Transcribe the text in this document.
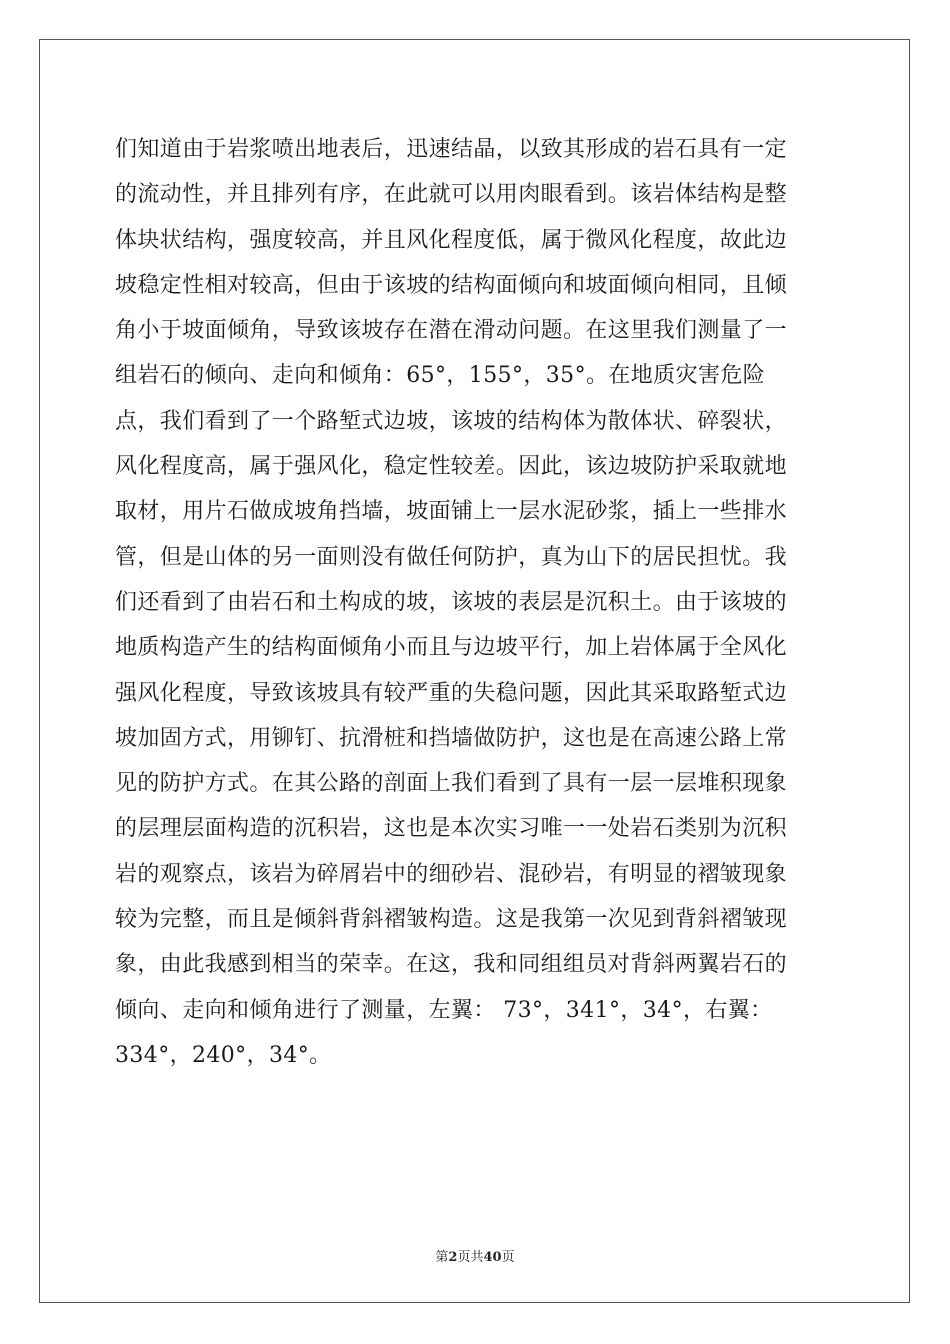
们知道由于岩浆喷出地表后，迅速结晶，以致其形成的岩石具有一定
的流动性，并且排列有序，在此就可以用肉眼看到。该岩体结构是整
体块状结构，强度较高，并且风化程度低，属于微风化程度，故此边
坡稳定性相对较高，但由于该坡的结构面倾向和坡面倾向相同，且倾
角小于坡面倾角，导致该坡存在潜在滑动问题。在这里我们测量了一
组岩石的倾向、走向和倾角：65°，155°，35°。在地质灾害危险
点，我们看到了一个路堑式边坡，该坡的结构体为散体状、碎裂状，
风化程度高，属于强风化，稳定性较差。因此，该边坡防护采取就地
取材，用片石做成坡角挡墙，坡面铺上一层水泥砂浆，插上一些排水
管，但是山体的另一面则没有做任何防护，真为山下的居民担忧。我
们还看到了由岩石和土构成的坡，该坡的表层是沉积土。由于该坡的
地质构造产生的结构面倾角小而且与边坡平行，加上岩体属于全风化
强风化程度，导致该坡具有较严重的失稳问题，因此其采取路堑式边
坡加固方式，用铆钉、抗滑桩和挡墙做防护，这也是在高速公路上常
见的防护方式。在其公路的剖面上我们看到了具有一层一层堆积现象
的层理层面构造的沉积岩，这也是本次实习唯一一处岩石类别为沉积
岩的观察点，该岩为碎屑岩中的细砂岩、混砂岩，有明显的褶皱现象
较为完整，而且是倾斜背斜褶皱构造。这是我第一次见到背斜褶皱现
象，由此我感到相当的荣幸。在这，我和同组组员对背斜两翼岩石的
倾向、走向和倾角进行了测量，左翼： 73°，341°，34°，右翼：
334°，240°，34°。
第2页共40页
